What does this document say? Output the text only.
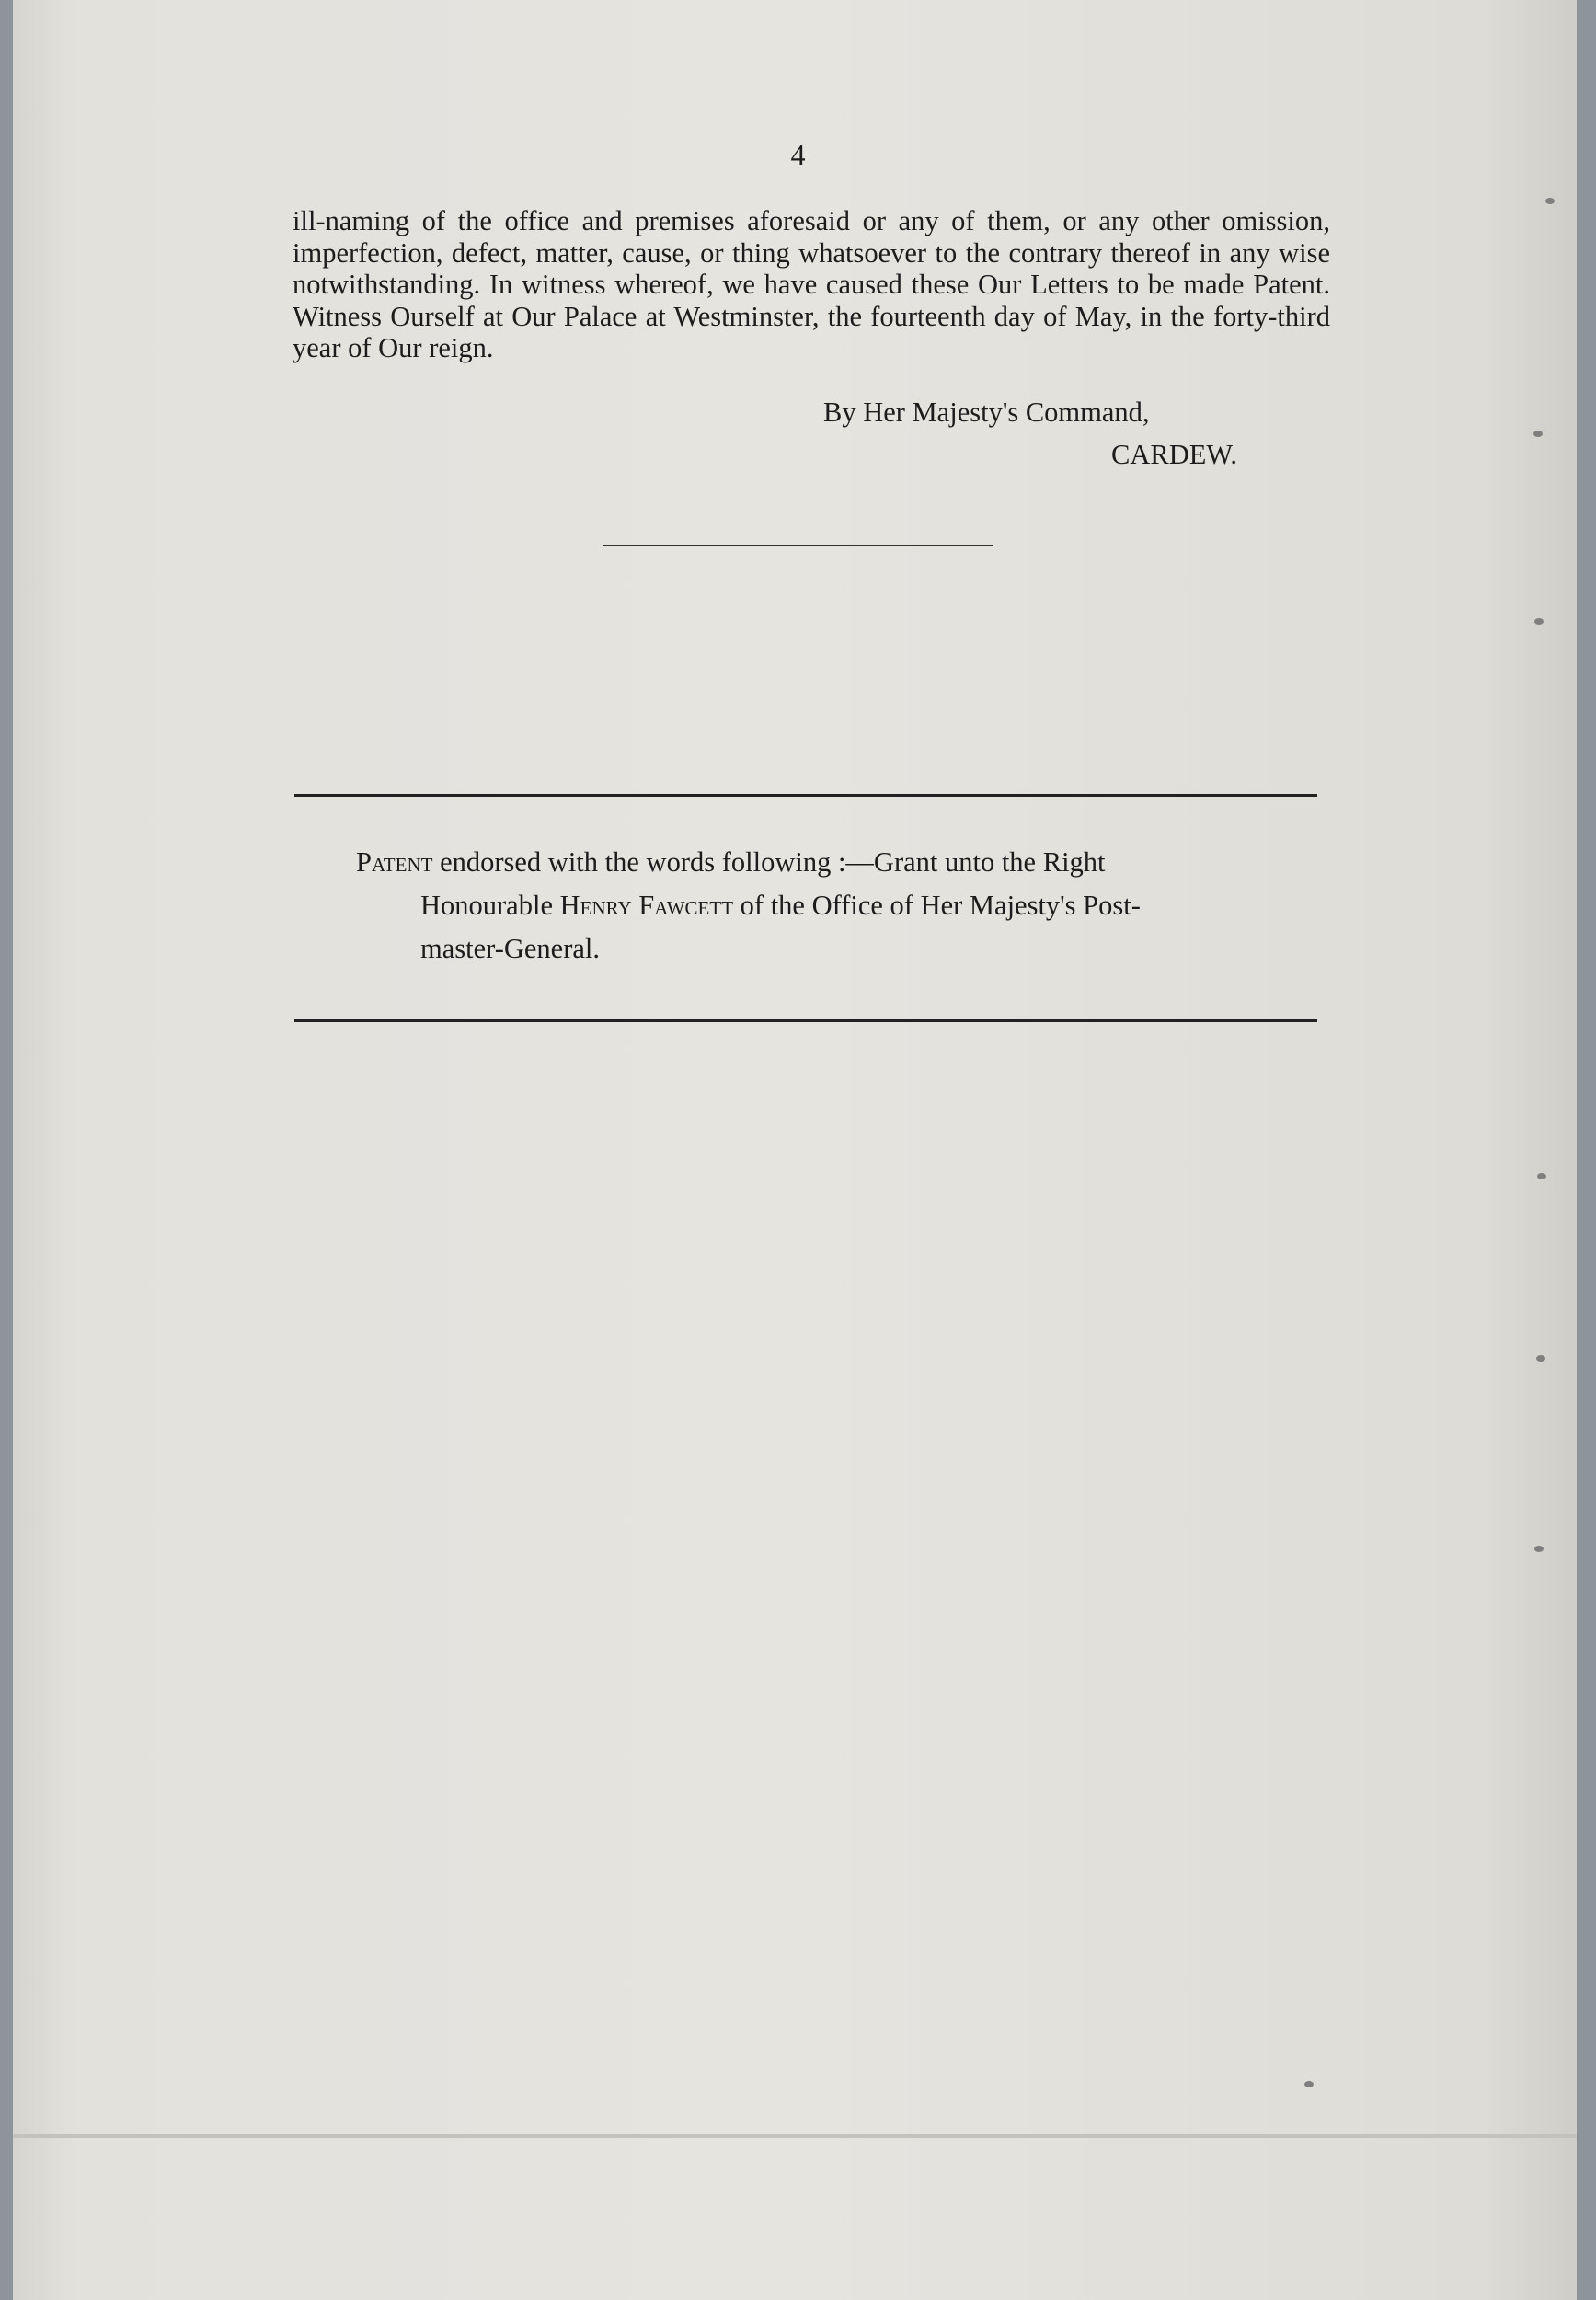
4

ill-naming of the office and premises aforesaid or any of them, or any other omission, imperfection, defect, matter, cause, or thing whatsoever to the contrary thereof in any wise notwithstanding. In witness whereof, we have caused these Our Letters to be made Patent. Witness Ourself at Our Palace at Westminster, the fourteenth day of May, in the forty-third year of Our reign.

By Her Majesty's Command,
CARDEW.

Patent endorsed with the words following :—Grant unto the Right
Honourable Henry Fawcett of the Office of Her Majesty's Post-
master-General.
